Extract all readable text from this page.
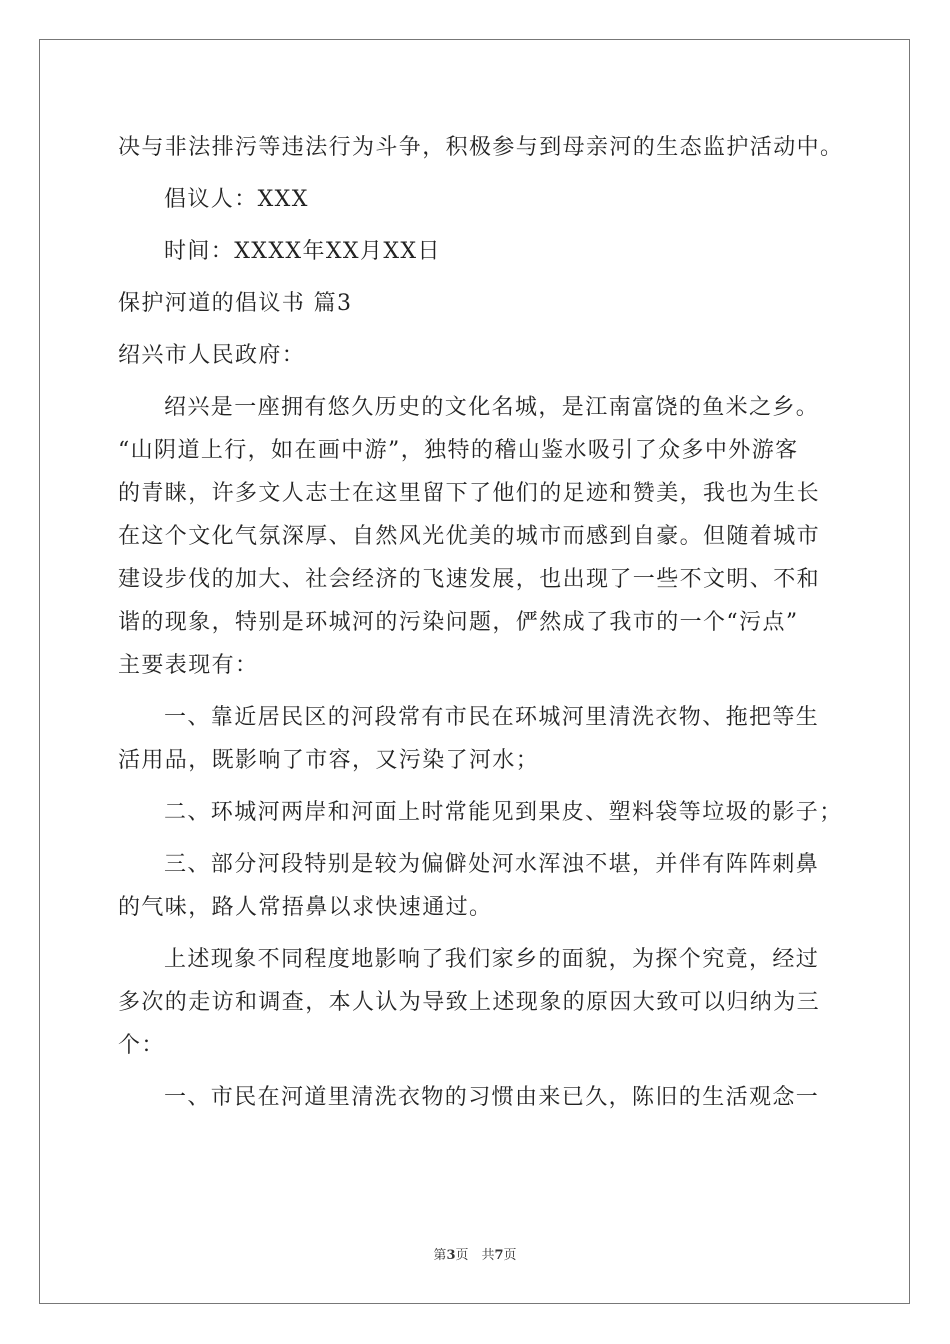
决与非法排污等违法行为斗争，积极参与到母亲河的生态监护活动中。
倡议人：XXX
时间：XXXX年XX月XX日
保护河道的倡议书 篇3
绍兴市人民政府：
绍兴是一座拥有悠久历史的文化名城，是江南富饶的鱼米之乡。
“山阴道上行，如在画中游”，独特的稽山鉴水吸引了众多中外游客
的青睐，许多文人志士在这里留下了他们的足迹和赞美，我也为生长
在这个文化气氛深厚、自然风光优美的城市而感到自豪。但随着城市
建设步伐的加大、社会经济的飞速发展，也出现了一些不文明、不和
谐的现象，特别是环城河的污染问题，俨然成了我市的一个“污点”
主要表现有：
一、靠近居民区的河段常有市民在环城河里清洗衣物、拖把等生
活用品，既影响了市容，又污染了河水；
二、环城河两岸和河面上时常能见到果皮、塑料袋等垃圾的影子；
三、部分河段特别是较为偏僻处河水浑浊不堪，并伴有阵阵刺鼻
的气味，路人常捂鼻以求快速通过。
上述现象不同程度地影响了我们家乡的面貌，为探个究竟，经过
多次的走访和调查，本人认为导致上述现象的原因大致可以归纳为三
个：
一、市民在河道里清洗衣物的习惯由来已久，陈旧的生活观念一
第3页　共7页
